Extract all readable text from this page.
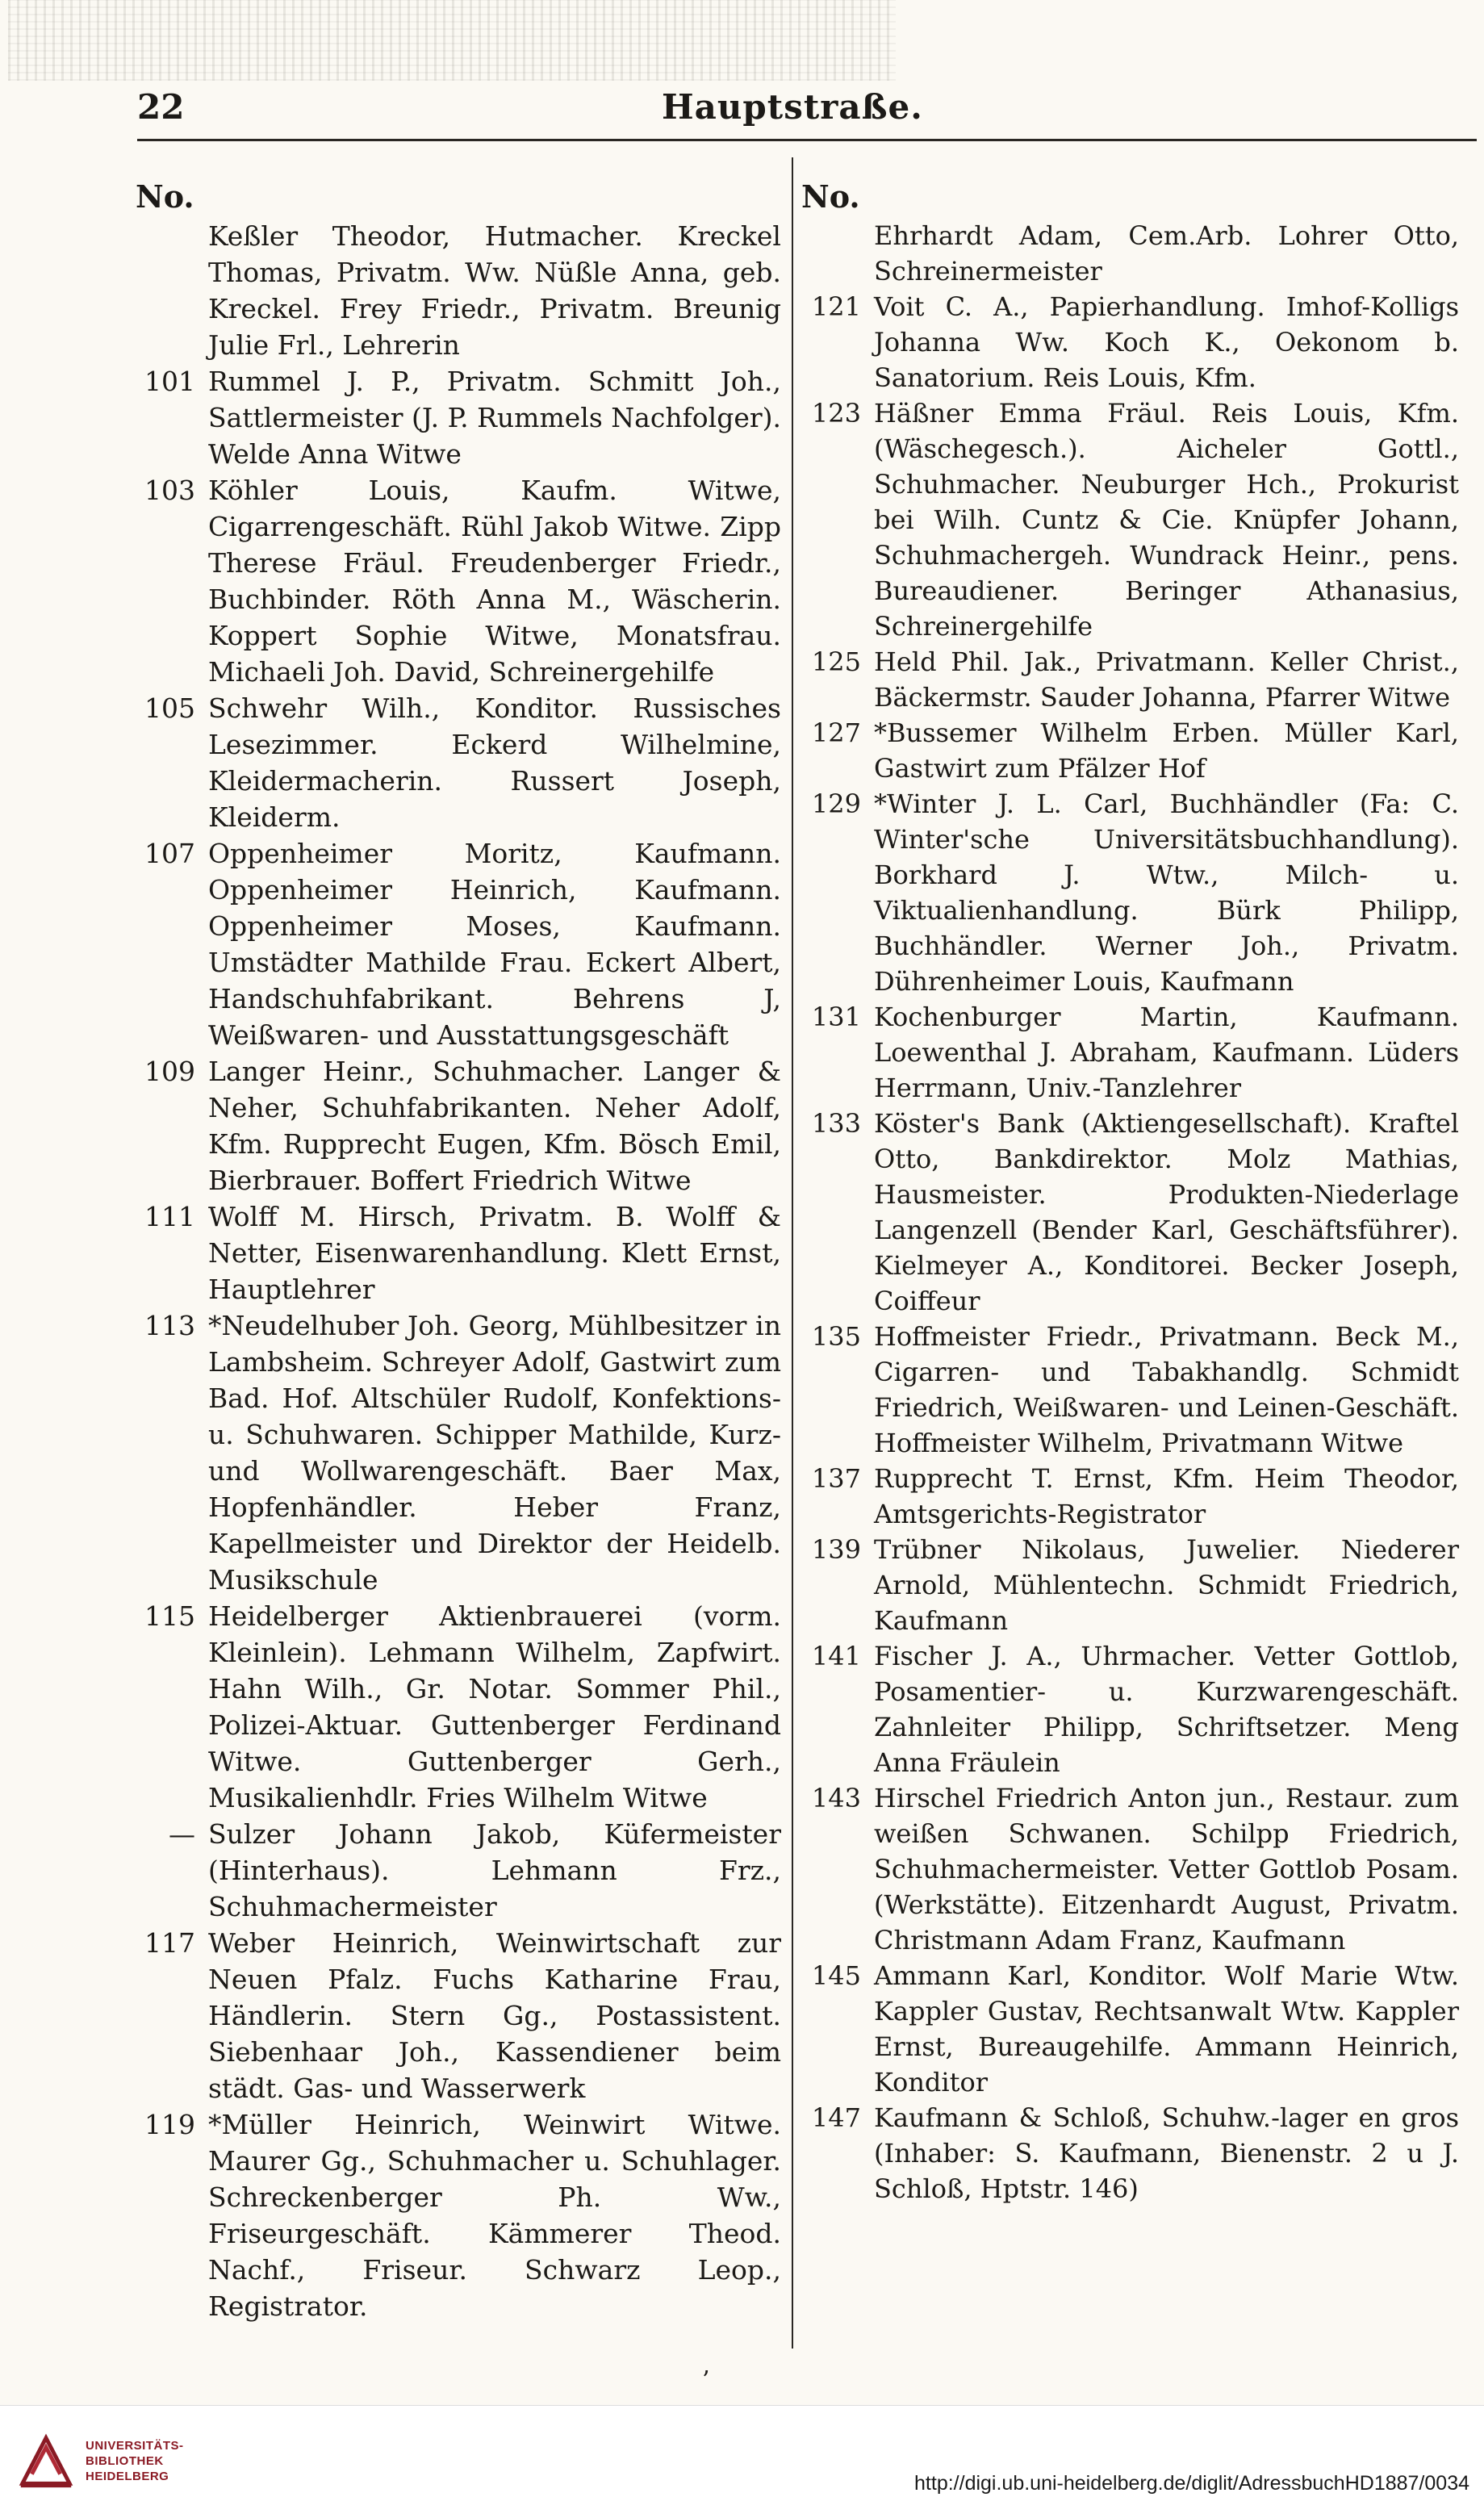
22	Hauptstraße.
No.
Keßler Theodor, Hutmacher. Kreckel Thomas, Privatm. Ww. Nüßle Anna, geb. Kreckel. Frey Friedr., Privatm. Breunig Julie Frl., Lehrerin
101 Rummel J. P., Privatm. Schmitt Joh., Sattlermeister (J. P. Rummels Nachfolger). Welde Anna Witwe
103 Köhler Louis, Kaufm. Witwe, Cigarrengeschäft. Rühl Jakob Witwe. Zipp Therese Fräul. Freudenberger Friedr., Buchbinder. Röth Anna M., Wäscherin. Koppert Sophie Witwe, Monatsfrau. Michaeli Joh. David, Schreinergehilfe
105 Schwehr Wilh., Konditor. Russisches Lesezimmer. Eckerd Wilhelmine, Kleidermacherin. Russert Joseph, Kleiderm.
107 Oppenheimer Moritz, Kaufmann. Oppenheimer Heinrich, Kaufmann. Oppenheimer Moses, Kaufmann. Umstädter Mathilde Frau. Eckert Albert, Handschuhfabrikant. Behrens J, Weißwaren- und Ausstattungsgeschäft
109 Langer Heinr., Schuhmacher. Langer & Neher, Schuhfabrikanten. Neher Adolf, Kfm. Rupprecht Eugen, Kfm. Bösch Emil, Bierbrauer. Boffert Friedrich Witwe
111 Wolff M. Hirsch, Privatm. B. Wolff & Netter, Eisenwarenhandlung. Klett Ernst, Hauptlehrer
113 *Neudelhuber Joh. Georg, Mühlbesitzer in Lambsheim. Schreyer Adolf, Gastwirt zum Bad. Hof. Altschüler Rudolf, Konfektions- u. Schuhwaren. Schipper Mathilde, Kurz- und Wollwarengeschäft. Baer Max, Hopfenhändler. Heber Franz, Kapellmeister und Direktor der Heidelb. Musikschule
115 Heidelberger Aktienbrauerei (vorm. Kleinlein). Lehmann Wilhelm, Zapfwirt. Hahn Wilh., Gr. Notar. Sommer Phil., Polizei-Aktuar. Guttenberger Ferdinand Witwe. Guttenberger Gerh., Musikalienhdlr. Fries Wilhelm Witwe
— Sulzer Johann Jakob, Küfermeister (Hinterhaus). Lehmann Frz., Schuhmachermeister
117 Weber Heinrich, Weinwirtschaft zur Neuen Pfalz. Fuchs Katharine Frau, Händlerin. Stern Gg., Postassistent. Siebenhaar Joh., Kassendiener beim städt. Gas- und Wasserwerk
119 *Müller Heinrich, Weinwirt Witwe. Maurer Gg., Schuhmacher u. Schuhlager. Schreckenberger Ph. Ww., Friseurgeschäft. Kämmerer Theod. Nachf., Friseur. Schwarz Leop., Registrator.
No.
Ehrhardt Adam, Cem.Arb. Lohrer Otto, Schreinermeister
121 Voit C. A., Papierhandlung. Imhof-Kolligs Johanna Ww. Koch K., Oekonom b. Sanatorium. Reis Louis, Kfm.
123 Häßner Emma Fräul. Reis Louis, Kfm. (Wäschegesch.). Aicheler Gottl., Schuhmacher. Neuburger Hch., Prokurist bei Wilh. Cuntz & Cie. Knüpfer Johann, Schuhmachergeh. Wundrack Heinr., pens. Bureaudiener. Beringer Athanasius, Schreinergehilfe
125 Held Phil. Jak., Privatmann. Keller Christ., Bäckermstr. Sauder Johanna, Pfarrer Witwe
127 *Bussemer Wilhelm Erben. Müller Karl, Gastwirt zum Pfälzer Hof
129 *Winter J. L. Carl, Buchhändler (Fa: C. Winter'sche Universitätsbuchhandlung). Borkhard J. Wtw., Milch- u. Viktualienhandlung. Bürk Philipp, Buchhändler. Werner Joh., Privatm. Dührenheimer Louis, Kaufmann
131 Kochenburger Martin, Kaufmann. Loewenthal J. Abraham, Kaufmann. Lüders Herrmann, Univ.-Tanzlehrer
133 Köster's Bank (Aktiengesellschaft). Kraftel Otto, Bankdirektor. Molz Mathias, Hausmeister. Produkten-Niederlage Langenzell (Bender Karl, Geschäftsführer). Kielmeyer A., Konditorei. Becker Joseph, Coiffeur
135 Hoffmeister Friedr., Privatmann. Beck M., Cigarren- und Tabakhandlg. Schmidt Friedrich, Weißwaren- und Leinen-Geschäft. Hoffmeister Wilhelm, Privatmann Witwe
137 Rupprecht T. Ernst, Kfm. Heim Theodor, Amtsgerichts-Registrator
139 Trübner Nikolaus, Juwelier. Niederer Arnold, Mühlentechn. Schmidt Friedrich, Kaufmann
141 Fischer J. A., Uhrmacher. Vetter Gottlob, Posamentier- u. Kurzwarengeschäft. Zahnleiter Philipp, Schriftsetzer. Meng Anna Fräulein
143 Hirschel Friedrich Anton jun., Restaur. zum weißen Schwanen. Schilpp Friedrich, Schuhmachermeister. Vetter Gottlob Posam. (Werkstätte). Eitzenhardt August, Privatm. Christmann Adam Franz, Kaufmann
145 Ammann Karl, Konditor. Wolf Marie Wtw. Kappler Gustav, Rechtsanwalt Wtw. Kappler Ernst, Bureaugehilfe. Ammann Heinrich, Konditor
147 Kaufmann & Schloß, Schuhw.-lager en gros (Inhaber: S. Kaufmann, Bienenstr. 2 u J. Schloß, Hptstr. 146)
’
UNIVERSITÄTS-
BIBLIOTHEK
HEIDELBERG	http://digi.ub.uni-heidelberg.de/diglit/AdressbuchHD1887/0034
